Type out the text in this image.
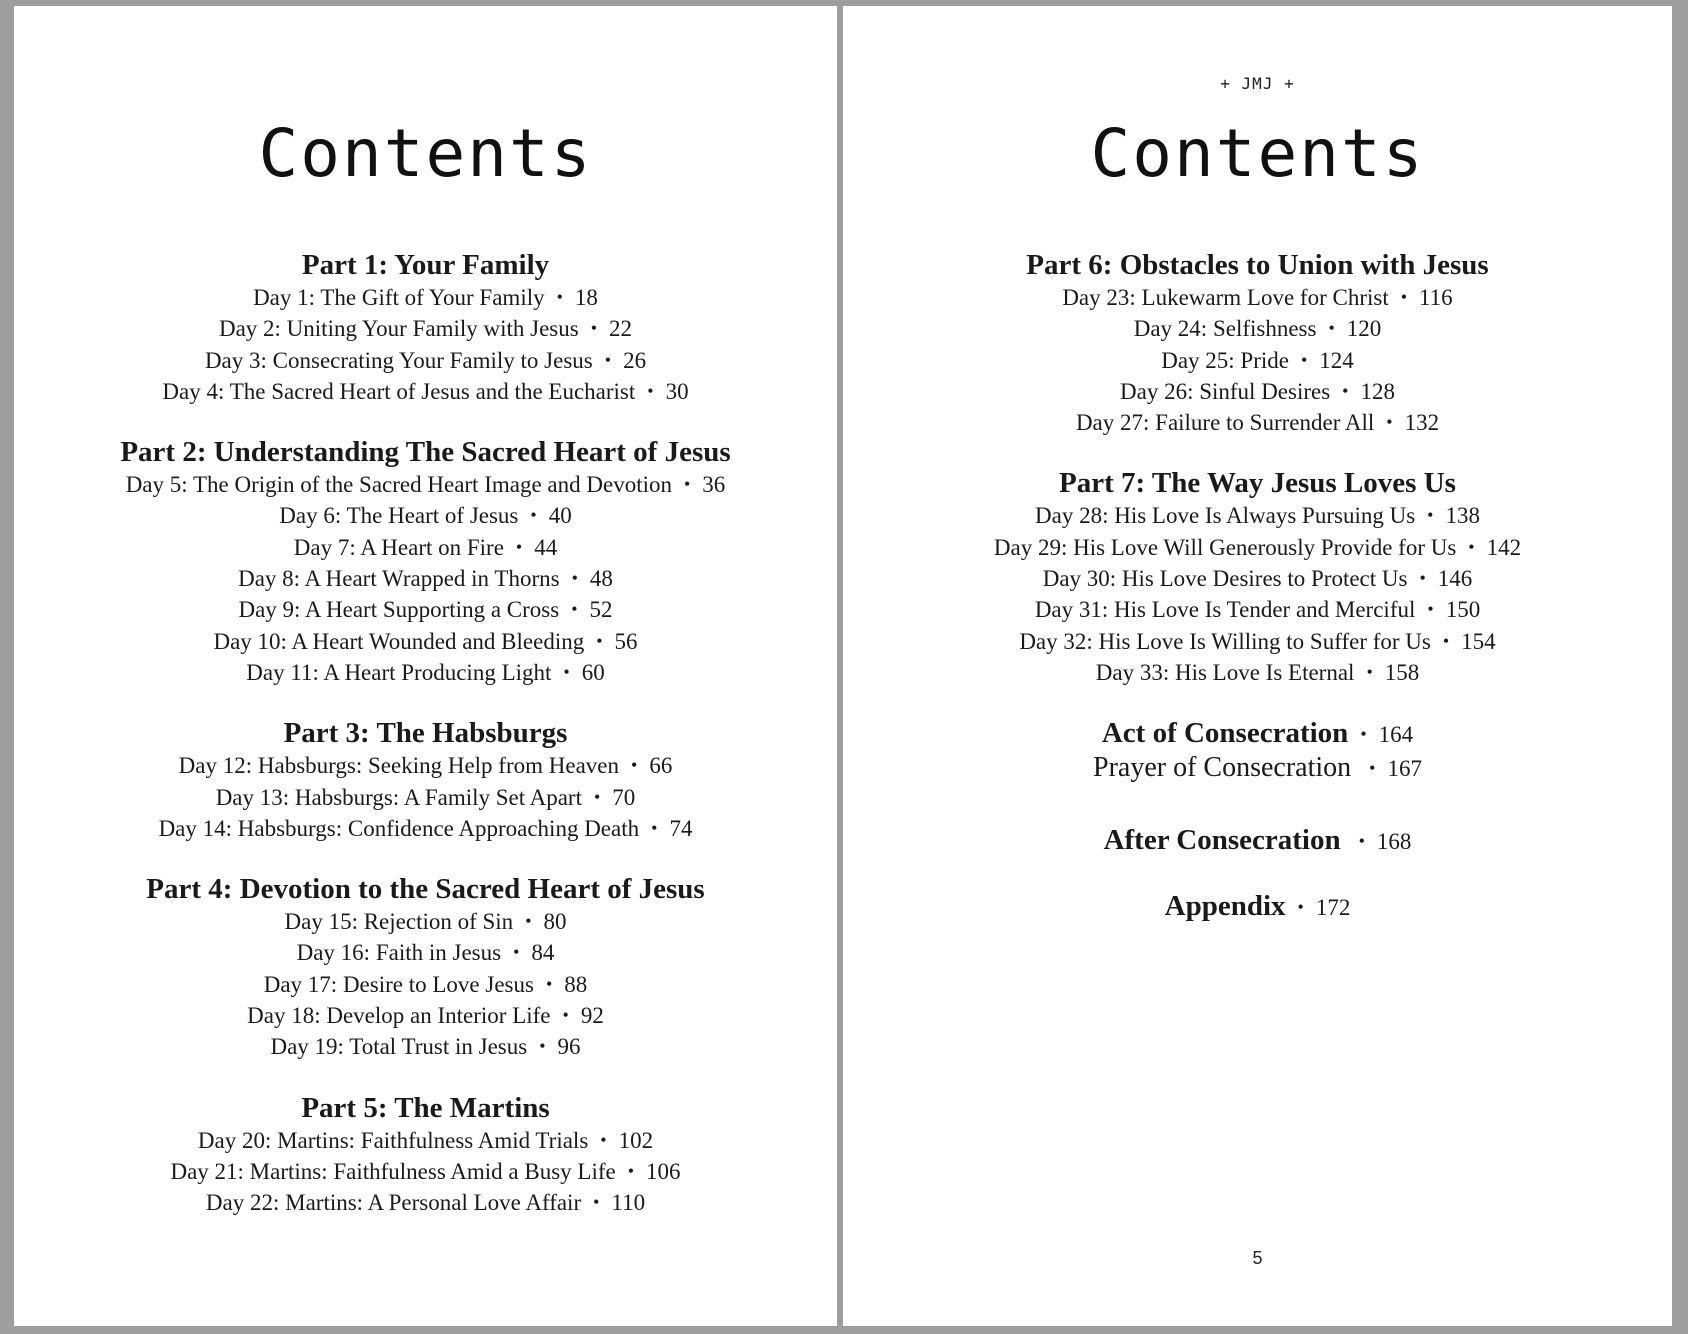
Contents
Part 1: Your Family
Day 1: The Gift of Your Family • 18
Day 2: Uniting Your Family with Jesus • 22
Day 3: Consecrating Your Family to Jesus • 26
Day 4: The Sacred Heart of Jesus and the Eucharist • 30
Part 2: Understanding The Sacred Heart of Jesus
Day 5: The Origin of the Sacred Heart Image and Devotion • 36
Day 6: The Heart of Jesus • 40
Day 7: A Heart on Fire • 44
Day 8: A Heart Wrapped in Thorns • 48
Day 9: A Heart Supporting a Cross • 52
Day 10: A Heart Wounded and Bleeding • 56
Day 11: A Heart Producing Light • 60
Part 3: The Habsburgs
Day 12: Habsburgs: Seeking Help from Heaven • 66
Day 13: Habsburgs: A Family Set Apart • 70
Day 14: Habsburgs: Confidence Approaching Death • 74
Part 4: Devotion to the Sacred Heart of Jesus
Day 15: Rejection of Sin • 80
Day 16: Faith in Jesus • 84
Day 17: Desire to Love Jesus • 88
Day 18: Develop an Interior Life • 92
Day 19: Total Trust in Jesus • 96
Part 5: The Martins
Day 20: Martins: Faithfulness Amid Trials • 102
Day 21: Martins: Faithfulness Amid a Busy Life • 106
Day 22: Martins: A Personal Love Affair • 110
+ JMJ +
Contents
Part 6: Obstacles to Union with Jesus
Day 23: Lukewarm Love for Christ • 116
Day 24: Selfishness • 120
Day 25: Pride • 124
Day 26: Sinful Desires • 128
Day 27: Failure to Surrender All • 132
Part 7: The Way Jesus Loves Us
Day 28: His Love Is Always Pursuing Us • 138
Day 29: His Love Will Generously Provide for Us • 142
Day 30: His Love Desires to Protect Us • 146
Day 31: His Love Is Tender and Merciful • 150
Day 32: His Love Is Willing to Suffer for Us • 154
Day 33: His Love Is Eternal • 158
Act of Consecration • 164
Prayer of Consecration • 167
After Consecration • 168
Appendix • 172
5
